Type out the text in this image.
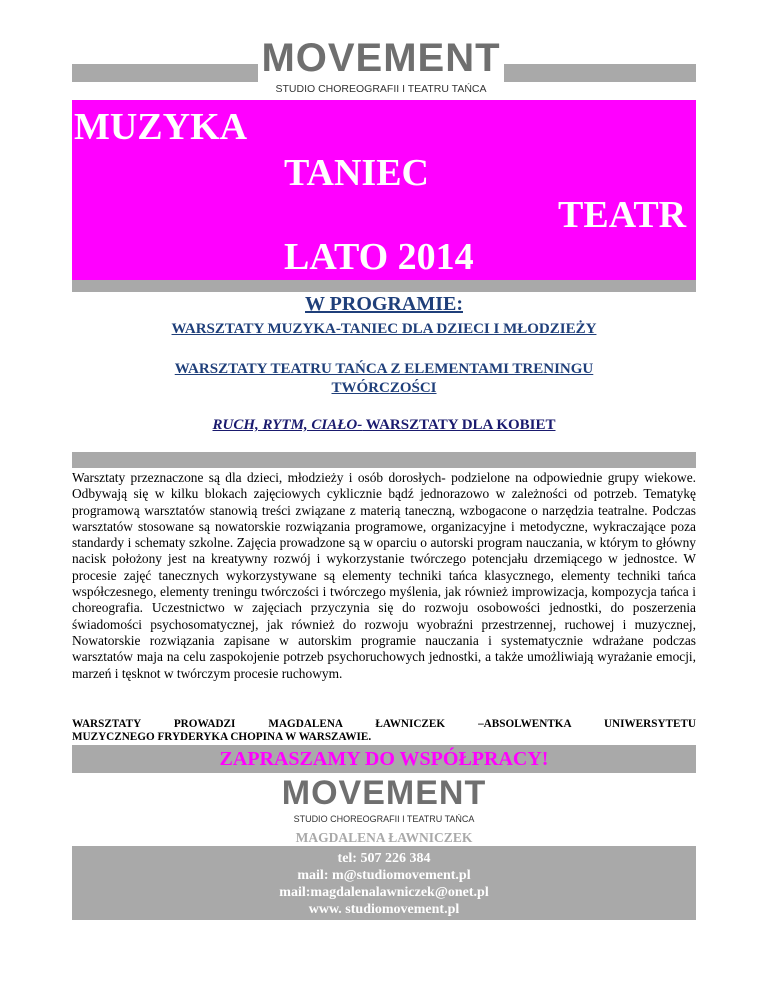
MOVEMENT
STUDIO CHOREOGRAFII I TEATRU TAŃCA
MUZYKA
TANIEC
TEATR
LATO 2014
W PROGRAMIE:
WARSZTATY MUZYKA-TANIEC DLA DZIECI I MŁODZIEŻY
WARSZTATY TEATRU TAŃCA Z ELEMENTAMI TRENINGU
TWÓRCZOŚCI
RUCH, RYTM, CIAŁO- WARSZTATY DLA KOBIET
Warsztaty przeznaczone są dla dzieci, młodzieży i osób dorosłych- podzielone na odpowiednie grupy wiekowe. Odbywają się w kilku blokach zajęciowych cyklicznie bądź jednorazowo w zależności od potrzeb. Tematykę programową warsztatów stanowią treści związane z materią taneczną, wzbogacone o narzędzia teatralne. Podczas warsztatów stosowane są nowatorskie rozwiązania programowe, organizacyjne i metodyczne, wykraczające poza standardy i schematy szkolne. Zajęcia prowadzone są w oparciu o autorski program nauczania, w którym to główny nacisk położony jest na kreatywny rozwój i wykorzystanie twórczego potencjału drzemiącego w jednostce. W procesie zajęć tanecznych wykorzystywane są elementy techniki tańca klasycznego, elementy techniki tańca współczesnego, elementy treningu twórczości i twórczego myślenia, jak również improwizacja, kompozycja tańca i choreografia. Uczestnictwo w zajęciach przyczynia się do rozwoju osobowości jednostki, do poszerzenia świadomości psychosomatycznej, jak również do rozwoju wyobraźni przestrzennej, ruchowej i muzycznej, Nowatorskie rozwiązania zapisane w autorskim programie nauczania i systematycznie wdrażane podczas warsztatów maja na celu zaspokojenie potrzeb psychoruchowych jednostki, a także umożliwiają wyrażanie emocji, marzeń i tęsknot w twórczym procesie ruchowym.
WARSZTATY PROWADZI MAGDALENA ŁAWNICZEK –ABSOLWENTKA UNIWERSYTETU
MUZYCZNEGO FRYDERYKA CHOPINA W WARSZAWIE.
ZAPRASZAMY DO WSPÓŁPRACY!
MOVEMENT
STUDIO CHOREOGRAFII I TEATRU TAŃCA
MAGDALENA ŁAWNICZEK
tel: 507 226 384
mail: m@studiomovement.pl
mail:magdalenalawniczek@onet.pl
www. studiomovement.pl
